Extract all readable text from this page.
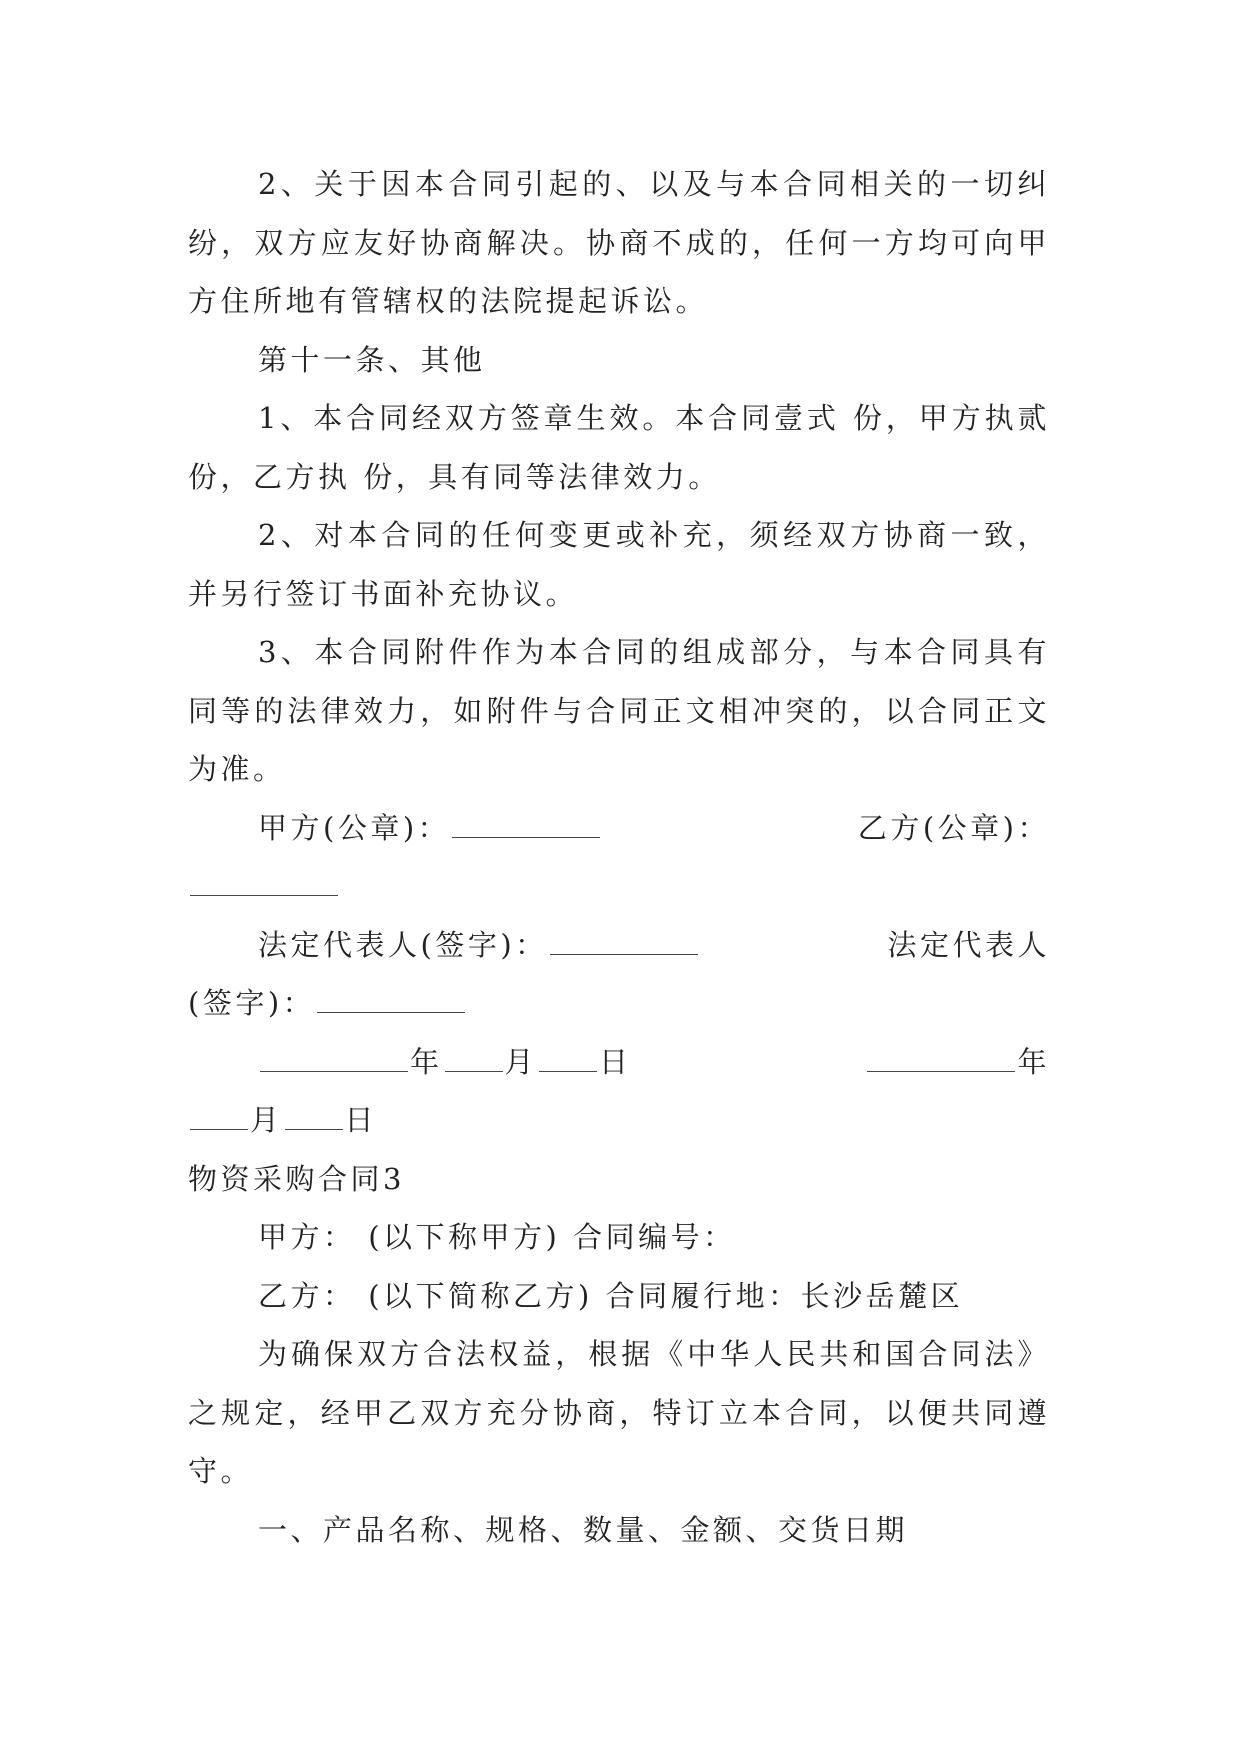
2、关于因本合同引起的、以及与本合同相关的一切纠纷，双方应友好协商解决。协商不成的，任何一方均可向甲方住所地有管辖权的法院提起诉讼。

第十一条、其他

1、本合同经双方签章生效。本合同壹式 份，甲方执贰份，乙方执 份，具有同等法律效力。

2、对本合同的任何变更或补充，须经双方协商一致，并另行签订书面补充协议。

3、本合同附件作为本合同的组成部分，与本合同具有同等的法律效力，如附件与合同正文相冲突的，以合同正文为准。

甲方(公章)：	乙方(公章)：
法定代表人(签字)：	法定代表人
(签字)：
年 月 日	年
月 日

物资采购合同3

甲方： (以下称甲方) 合同编号：

乙方： (以下简称乙方) 合同履行地：长沙岳麓区

为确保双方合法权益，根据《中华人民共和国合同法》之规定，经甲乙双方充分协商，特订立本合同，以便共同遵守。

一、产品名称、规格、数量、金额、交货日期
